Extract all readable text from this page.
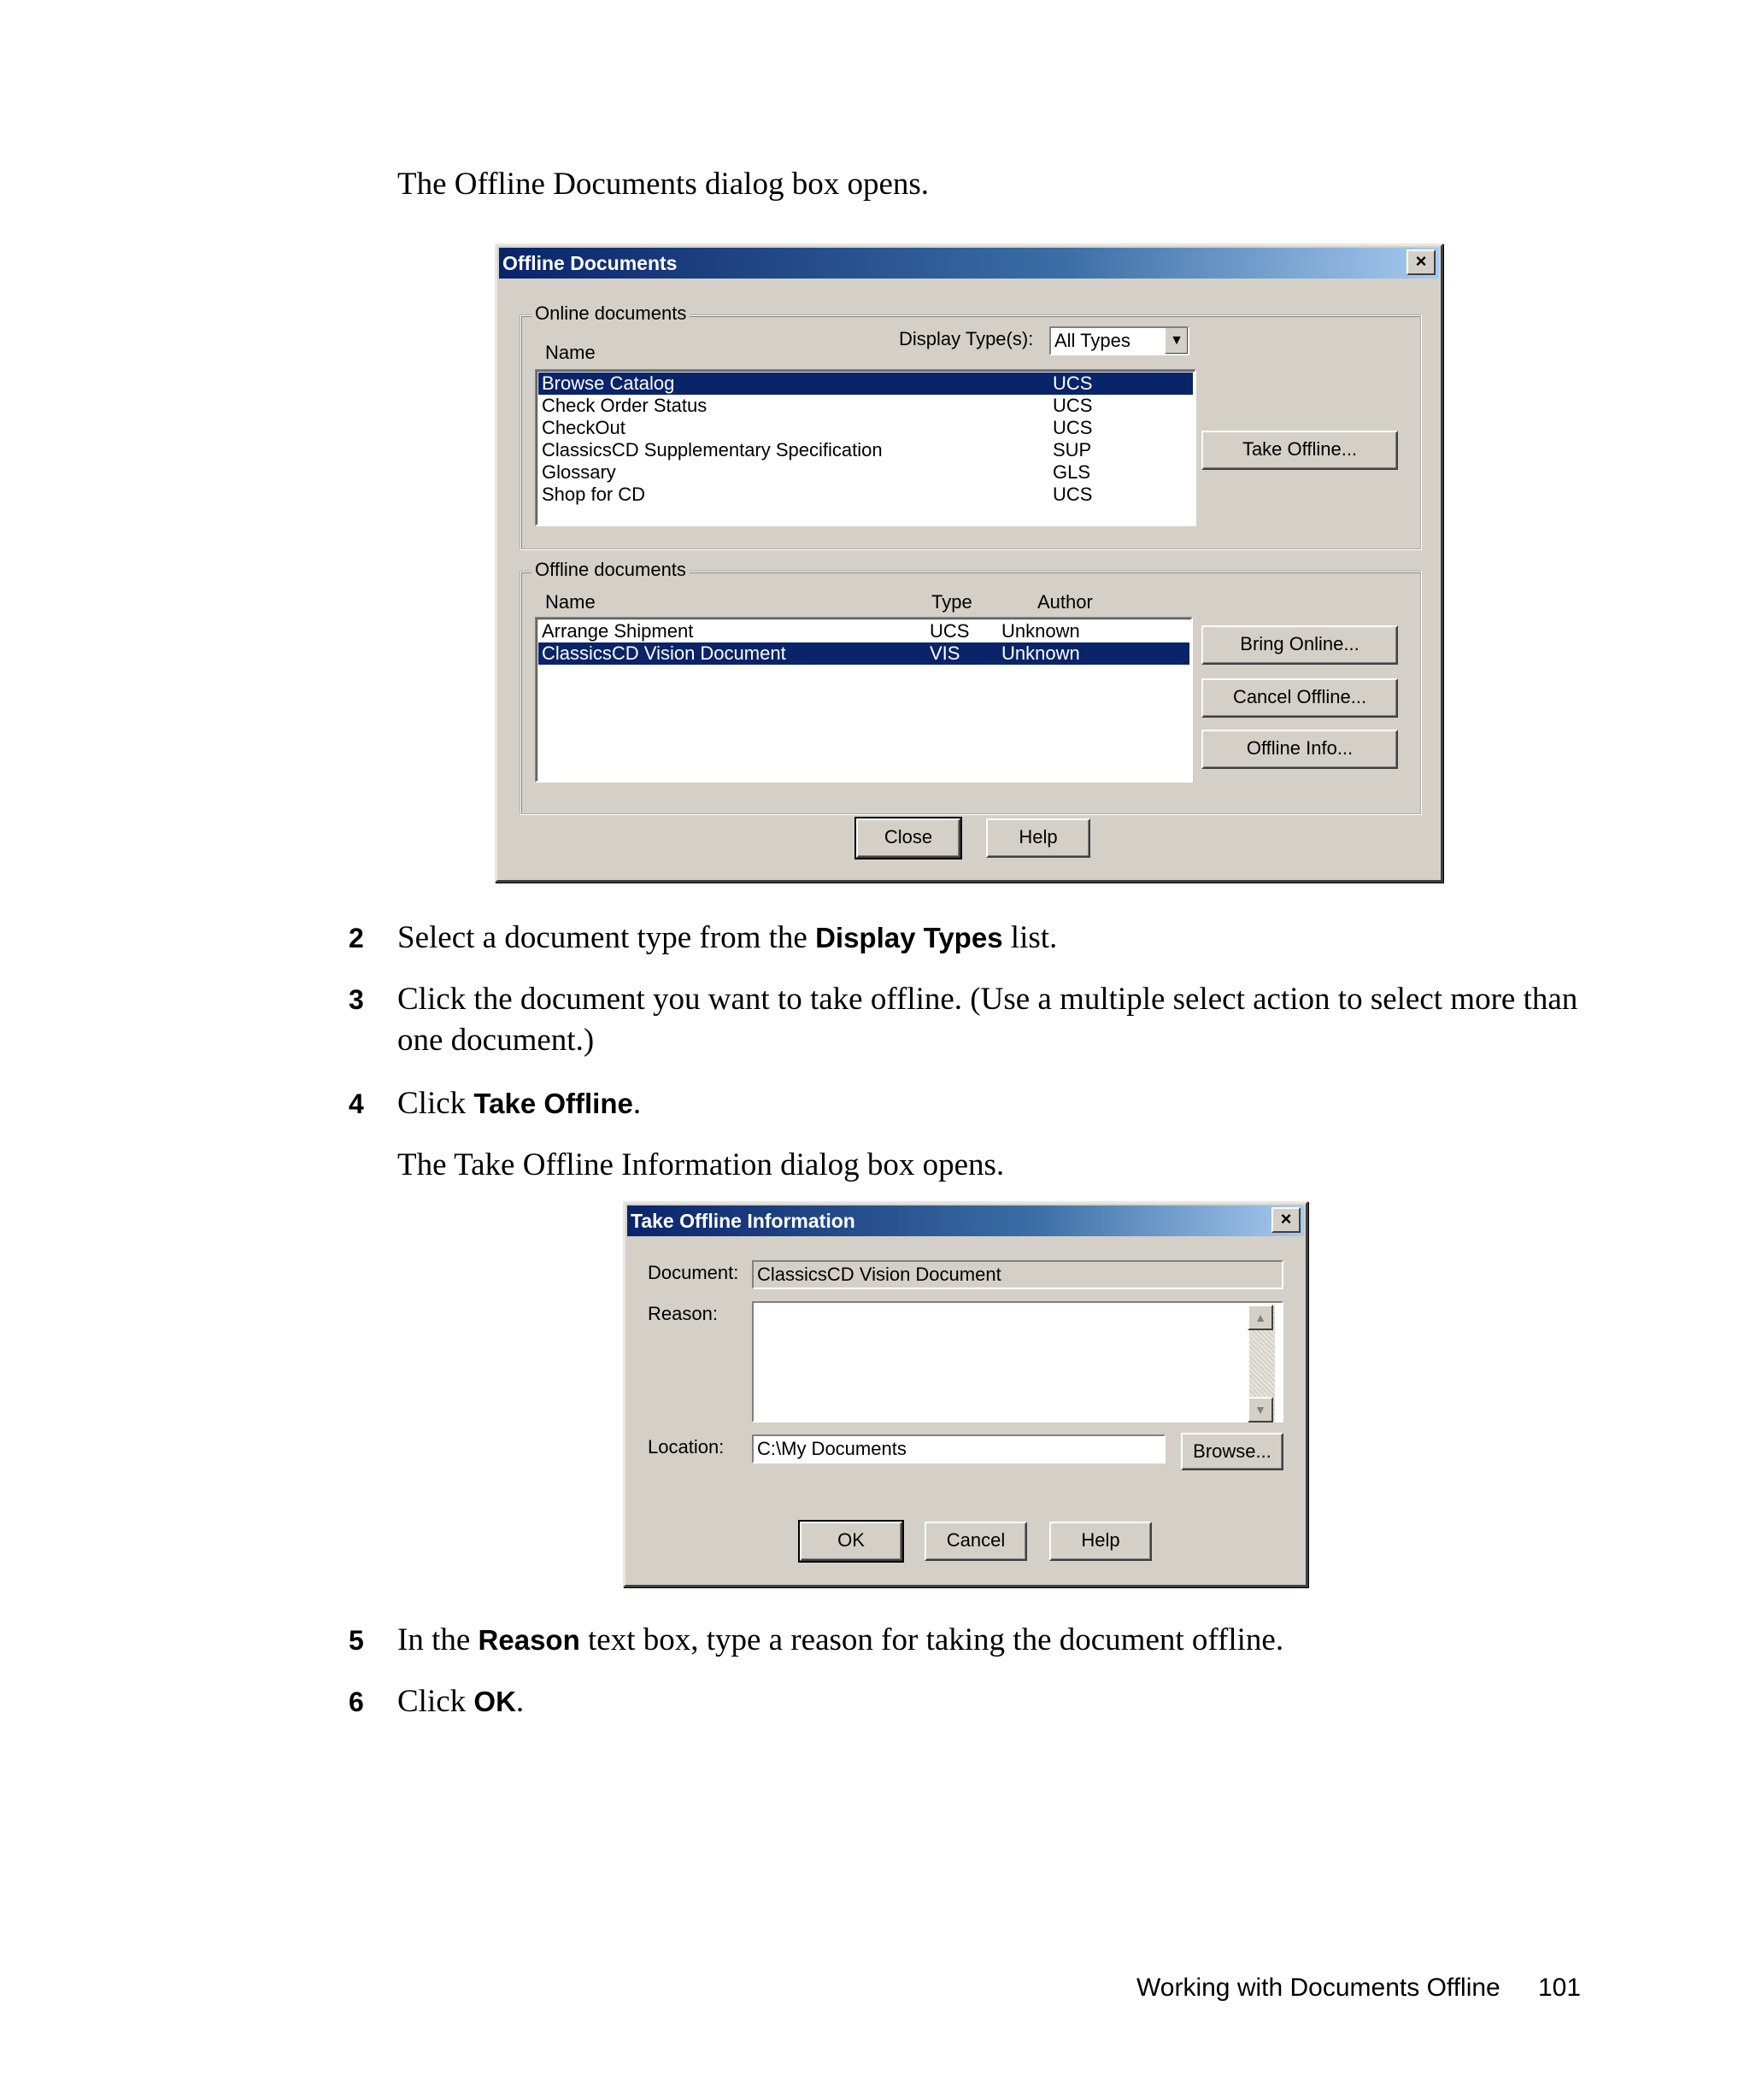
The Offline Documents dialog box opens.
Offline Documents	×
Online documents
Display Type(s): All Types	▼
Name
Browse Catalog	UCS
Check Order Status	UCS
CheckOut	UCS
ClassicsCD Supplementary Specification	SUP
Glossary	GLS
Shop for CD	UCS
Take Offline...
Offline documents
Name	Type	Author
Arrange Shipment	UCS Unknown
ClassicsCD Vision Document	VIS Unknown	Bring Online...
Cancel Offline...
Offline Info...
Close	Help
2 Select a document type from the Display Types list.
3 Click the document you want to take offline. (Use a multiple select action to select more than one document.)
4 Click Take Offline.
The Take Offline Information dialog box opens.
Take Offline Information	×
Document: ClassicsCD Vision Document
Reason:	▲
▼
Location: C:\My Documents	Browse...
OK	Cancel	Help
5 In the Reason text box, type a reason for taking the document offline.
6 Click OK.
Working with Documents Offline 101
